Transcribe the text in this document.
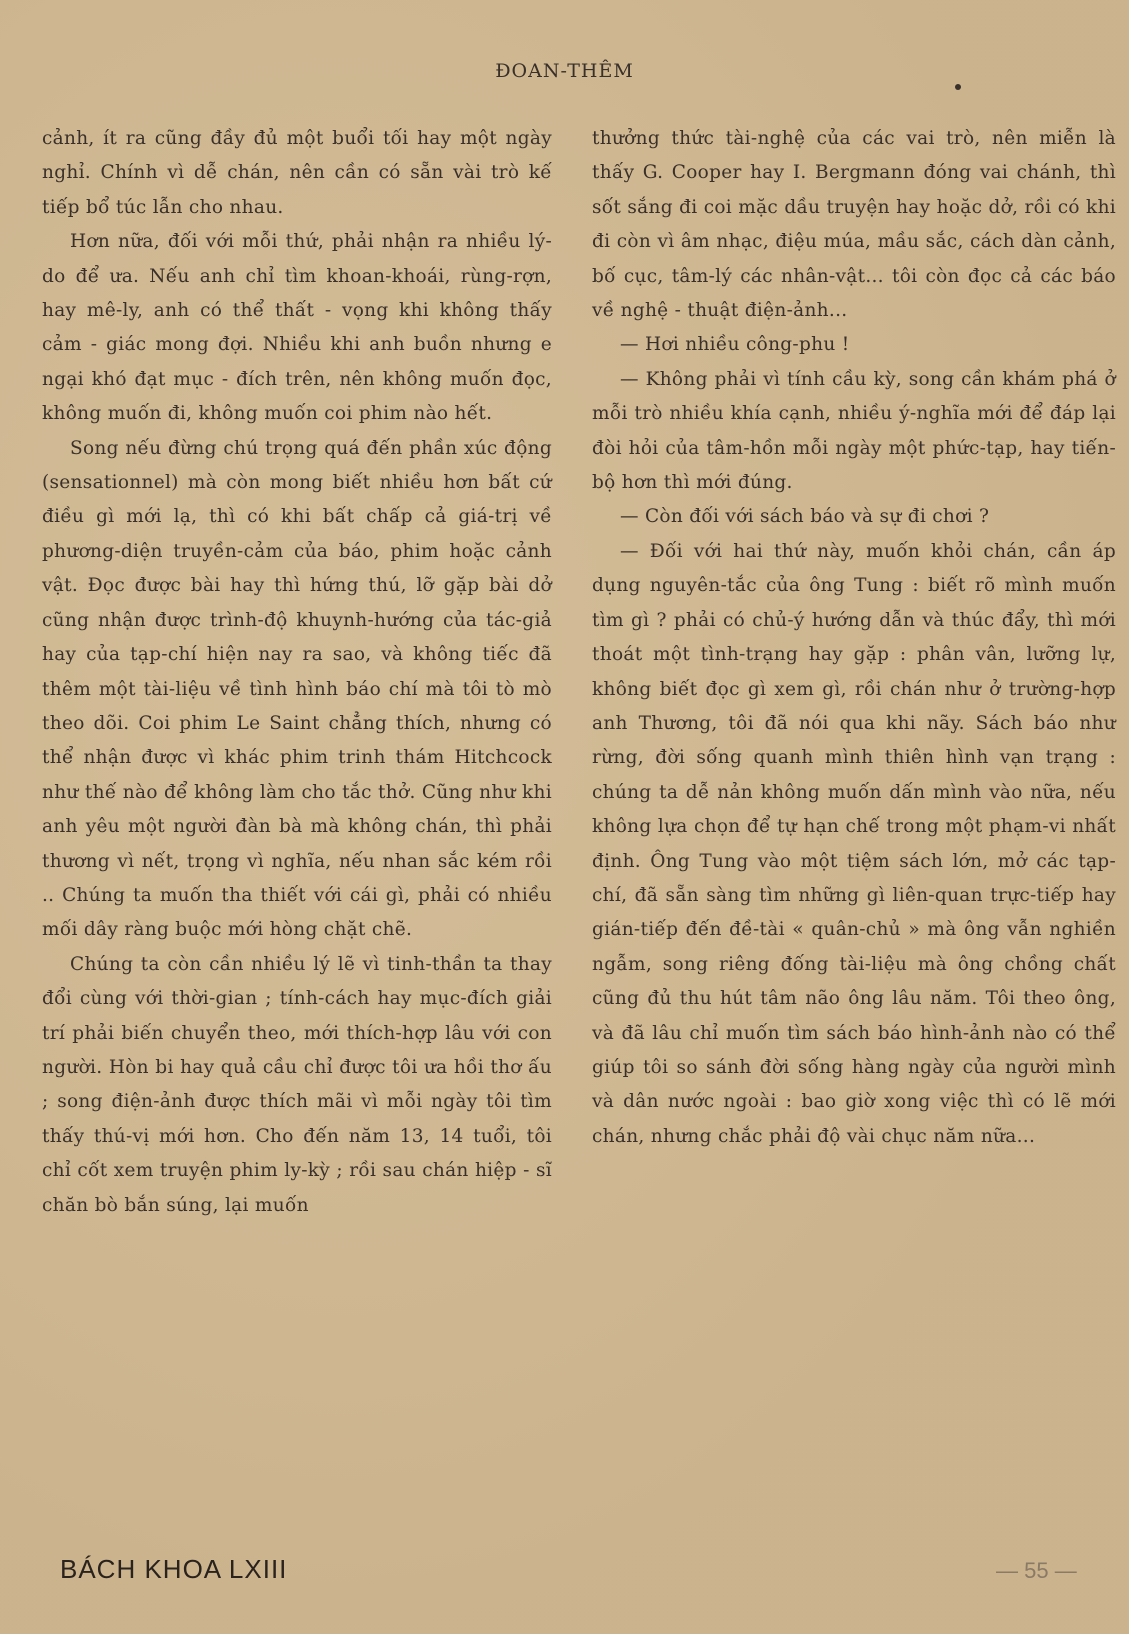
ĐOAN-THÊM

cảnh, ít ra cũng đầy đủ một buổi tối hay một ngày nghỉ. Chính vì dễ chán, nên cần có sẵn vài trò kế tiếp bổ túc lẫn cho nhau.

Hơn nữa, đối với mỗi thứ, phải nhận ra nhiều lý-do để ưa. Nếu anh chỉ tìm khoan-khoái, rùng-rợn, hay mê-ly, anh có thể thất - vọng khi không thấy cảm - giác mong đợi. Nhiều khi anh buồn nhưng e ngại khó đạt mục - đích trên, nên không muốn đọc, không muốn đi, không muốn coi phim nào hết.

Song nếu đừng chú trọng quá đến phần xúc động (sensationnel) mà còn mong biết nhiều hơn bất cứ điều gì mới lạ, thì có khi bất chấp cả giá-trị về phương-diện truyền-cảm của báo, phim hoặc cảnh vật. Đọc được bài hay thì hứng thú, lỡ gặp bài dở cũng nhận được trình-độ khuynh-hướng của tác-giả hay của tạp-chí hiện nay ra sao, và không tiếc đã thêm một tài-liệu về tình hình báo chí mà tôi tò mò theo dõi. Coi phim Le Saint chẳng thích, nhưng có thể nhận được vì khác phim trinh thám Hitchcock như thế nào để không làm cho tắc thở. Cũng như khi anh yêu một người đàn bà mà không chán, thì phải thương vì nết, trọng vì nghĩa, nếu nhan sắc kém rồi .. Chúng ta muốn tha thiết với cái gì, phải có nhiều mối dây ràng buộc mới hòng chặt chẽ.

Chúng ta còn cần nhiều lý lẽ vì tinh-thần ta thay đổi cùng với thời-gian ; tính-cách hay mục-đích giải trí phải biến chuyển theo, mới thích-hợp lâu với con người. Hòn bi hay quả cầu chỉ được tôi ưa hồi thơ ấu ; song điện-ảnh được thích mãi vì mỗi ngày tôi tìm thấy thú-vị mới hơn. Cho đến năm 13, 14 tuổi, tôi chỉ cốt xem truyện phim ly-kỳ ; rồi sau chán hiệp - sĩ chăn bò bắn súng, lại muốn

thưởng thức tài-nghệ của các vai trò, nên miễn là thấy G. Cooper hay I. Bergmann đóng vai chánh, thì sốt sắng đi coi mặc dầu truyện hay hoặc dở, rồi có khi đi còn vì âm nhạc, điệu múa, mầu sắc, cách dàn cảnh, bố cục, tâm-lý các nhân-vật... tôi còn đọc cả các báo về nghệ - thuật điện-ảnh...

— Hơi nhiều công-phu !

— Không phải vì tính cầu kỳ, song cần khám phá ở mỗi trò nhiều khía cạnh, nhiều ý-nghĩa mới để đáp lại đòi hỏi của tâm-hồn mỗi ngày một phức-tạp, hay tiến-bộ hơn thì mới đúng.

— Còn đối với sách báo và sự đi chơi ?

— Đối với hai thứ này, muốn khỏi chán, cần áp dụng nguyên-tắc của ông Tung : biết rõ mình muốn tìm gì ? phải có chủ-ý hướng dẫn và thúc đẩy, thì mới thoát một tình-trạng hay gặp : phân vân, lưỡng lự, không biết đọc gì xem gì, rồi chán như ở trường-hợp anh Thương, tôi đã nói qua khi nãy. Sách báo như rừng, đời sống quanh mình thiên hình vạn trạng : chúng ta dễ nản không muốn dấn mình vào nữa, nếu không lựa chọn để tự hạn chế trong một phạm-vi nhất định. Ông Tung vào một tiệm sách lớn, mở các tạp-chí, đã sẵn sàng tìm những gì liên-quan trực-tiếp hay gián-tiếp đến đề-tài « quân-chủ » mà ông vẫn nghiền ngẫm, song riêng đống tài-liệu mà ông chồng chất cũng đủ thu hút tâm não ông lâu năm. Tôi theo ông, và đã lâu chỉ muốn tìm sách báo hình-ảnh nào có thể giúp tôi so sánh đời sống hàng ngày của người mình và dân nước ngoài : bao giờ xong việc thì có lẽ mới chán, nhưng chắc phải độ vài chục năm nữa...

BÁCH KHOA LXIII	— 55 —
